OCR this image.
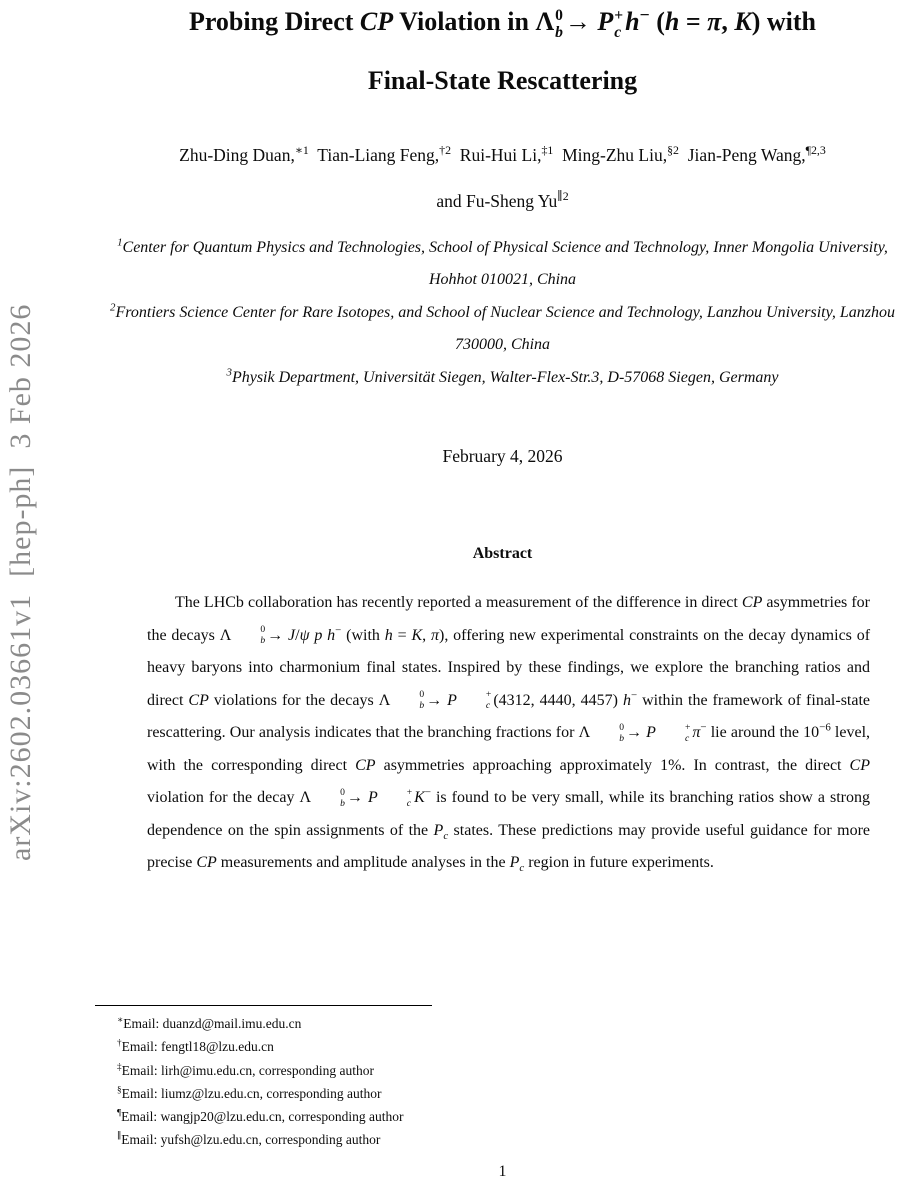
arXiv:2602.03661v1  [hep-ph]  3 Feb 2026
Probing Direct CP Violation in Λ 0
b → P +
c h− (h = π, K) with
Final-State Rescattering
Zhu-Ding Duan,$^{∗1}$  Tian-Liang Feng,$^{\dagger 2}$  Rui-Hui Li,$^{\ddagger 1}$  Ming-Zhu Liu,$^{\S 2}$  Jian-Peng Wang,$^{\P 2,3}$
and Fu-Sheng $Yu^{\parallel 2}$
$^1$Center for Quantum Physics and Technologies, School of Physical Science and Technology, Inner Mongolia University, Hohhot 010021, China
$^2$Frontiers Science Center for Rare Isotopes, and School of Nuclear Science and Technology, Lanzhou University, Lanzhou 730000, China
$^3$Physik Department, Universität Siegen, Walter-Flex-Str.3, D-57068 Siegen, Germany
February 4, 2026
Abstract
The LHCb collaboration has recently reported a measurement of the difference in direct CP asymmetries for the decays Λ	0
b → J/ψ p h− (with h = K, π), offering new experimental constraints on the decay dynamics of heavy baryons into charmonium final states. Inspired by these findings, we explore the branching ratios and direct CP violations for the decays Λ	0
b → P	+
c (4312, 4440, 4457) h− within the framework of final-state rescattering. Our analysis indicates that the branching fractions for Λ	0
b → P	+
c π− lie around the $10^{-6}$ level, with the corresponding direct CP asymmetries approaching approximately 1%. In contrast, the direct CP violation for the decay Λ	0
b → P	+
c K− is found to be very small, while its branching ratios show a strong dependence on the spin assignments of the $P_c$ states. These predictions may provide useful guidance for more precise CP measurements and amplitude analyses in the $P_c$ region in future experiments.
1
∗Email: duanzd@mail.imu.edu.cn
†Email: fengtl18@lzu.edu.cn
‡Email: lirh@imu.edu.cn, corresponding author
§Email: liumz@lzu.edu.cn, corresponding author
¶Email: wangjp20@lzu.edu.cn, corresponding author
∥Email: yufsh@lzu.edu.cn, corresponding author
